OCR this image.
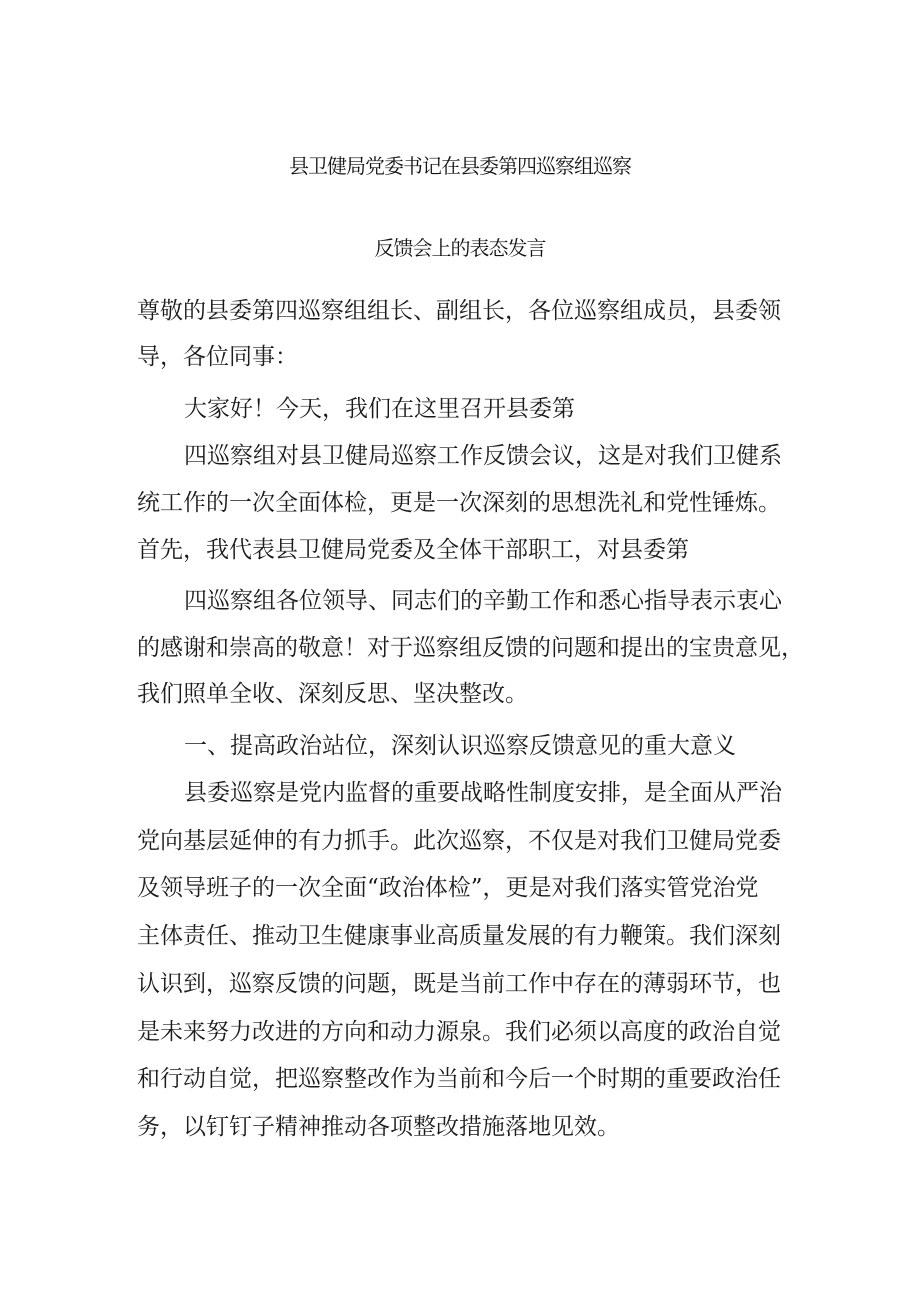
县卫健局党委书记在县委第四巡察组巡察
反馈会上的表态发言
尊敬的县委第四巡察组组长、副组长，各位巡察组成员，县委领
导，各位同事：
大家好！今天，我们在这里召开县委第
四巡察组对县卫健局巡察工作反馈会议，这是对我们卫健系
统工作的一次全面体检，更是一次深刻的思想洗礼和党性锤炼。
首先，我代表县卫健局党委及全体干部职工，对县委第
四巡察组各位领导、同志们的辛勤工作和悉心指导表示衷心
的感谢和崇高的敬意！对于巡察组反馈的问题和提出的宝贵意见，
我们照单全收、深刻反思、坚决整改。
一、提高政治站位，深刻认识巡察反馈意见的重大意义
县委巡察是党内监督的重要战略性制度安排，是全面从严治
党向基层延伸的有力抓手。此次巡察，不仅是对我们卫健局党委
及领导班子的一次全面“政治体检”，更是对我们落实管党治党
主体责任、推动卫生健康事业高质量发展的有力鞭策。我们深刻
认识到，巡察反馈的问题，既是当前工作中存在的薄弱环节，也
是未来努力改进的方向和动力源泉。我们必须以高度的政治自觉
和行动自觉，把巡察整改作为当前和今后一个时期的重要政治任
务，以钉钉子精神推动各项整改措施落地见效。
